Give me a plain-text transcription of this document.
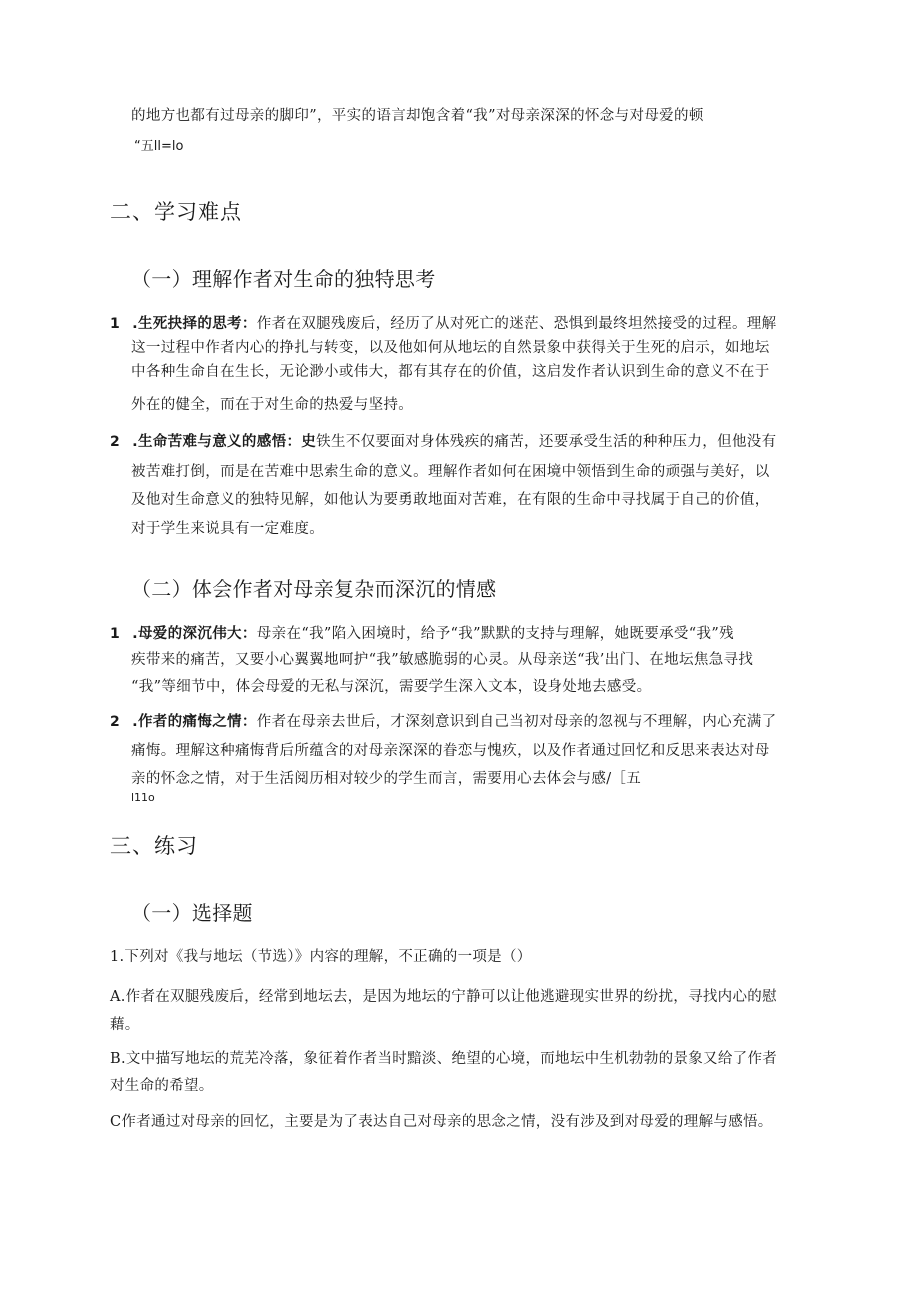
的地方也都有过母亲的脚印”，平实的语言却饱含着“我”对母亲深深的怀念与对母爱的顿
“五ll=lo
二、学习难点
（一）理解作者对生命的独特思考
1 .生死抉择的思考：作者在双腿残废后，经历了从对死亡的迷茫、恐惧到最终坦然接受的过程。理解
这一过程中作者内心的挣扎与转变，以及他如何从地坛的自然景象中获得关于生死的启示，如地坛
中各种生命自在生长，无论渺小或伟大，都有其存在的价值，这启发作者认识到生命的意义不在于
外在的健全，而在于对生命的热爱与坚持。
2 .生命苦难与意义的感悟：史铁生不仅要面对身体残疾的痛苦，还要承受生活的种种压力，但他没有
被苦难打倒，而是在苦难中思索生命的意义。理解作者如何在困境中领悟到生命的顽强与美好，以
及他对生命意义的独特见解，如他认为要勇敢地面对苦难，在有限的生命中寻找属于自己的价值，
对于学生来说具有一定难度。
（二）体会作者对母亲复杂而深沉的情感
1 .母爱的深沉伟大：母亲在“我”陷入困境时，给予“我”默默的支持与理解，她既要承受“我”残
疾带来的痛苦，又要小心翼翼地呵护“我”敏感脆弱的心灵。从母亲送“我’出门、在地坛焦急寻找
“我”等细节中，体会母爱的无私与深沉，需要学生深入文本，设身处地去感受。
2 .作者的痛悔之情：作者在母亲去世后，才深刻意识到自己当初对母亲的忽视与不理解，内心充满了
痛悔。理解这种痛悔背后所蕴含的对母亲深深的眷恋与愧疚，以及作者通过回忆和反思来表达对母
亲的怀念之情，对于生活阅历相对较少的学生而言，需要用心去体会与感/［五
l11o
三、练习
（一）选择题
1.下列对《我与地坛（节选）》内容的理解，不正确的一项是（）
A.作者在双腿残废后，经常到地坛去，是因为地坛的宁静可以让他逃避现实世界的纷扰，寻找内心的慰
藉。
B.文中描写地坛的荒芜冷落，象征着作者当时黯淡、绝望的心境，而地坛中生机勃勃的景象又给了作者
对生命的希望。
C作者通过对母亲的回忆，主要是为了表达自己对母亲的思念之情，没有涉及到对母爱的理解与感悟。
